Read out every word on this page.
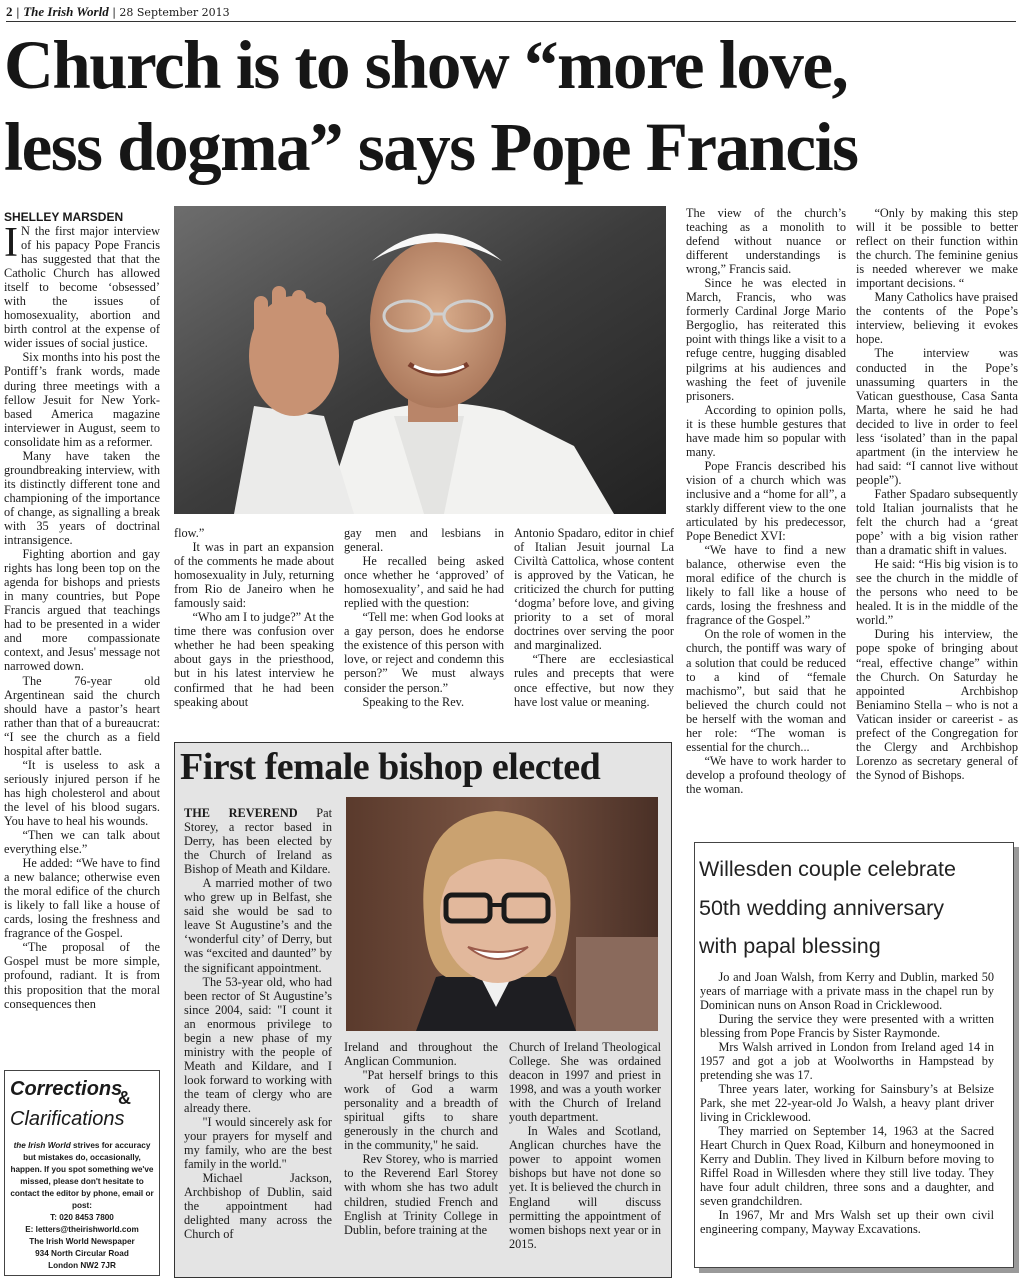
2 | The Irish World | 28 September 2013
Church is to show “more love,
less dogma” says Pope Francis
SHELLEY MARSDEN

I N the first major interview of his papacy Pope Francis has suggested that that the Catholic Church has allowed itself to become ‘obsessed’ with the issues of homosexuality, abortion and birth control at the expense of wider issues of social justice.

Six months into his post the Pontiff’s frank words, made during three meetings with a fellow Jesuit for New York-based America magazine interviewer in August, seem to consolidate him as a reformer.

Many have taken the groundbreaking interview, with its distinctly different tone and championing of the importance of change, as signalling a break with 35 years of doctrinal intransigence.

Fighting abortion and gay rights has long been top on the agenda for bishops and priests in many countries, but Pope Francis argued that teachings had to be presented in a wider and more compassionate context, and Jesus' message not narrowed down.

The 76-year old Argentinean said the church should have a pastor’s heart rather than that of a bureaucrat: “I see the church as a field hospital after battle.

“It is useless to ask a seriously injured person if he has high cholesterol and about the level of his blood sugars. You have to heal his wounds.

“Then we can talk about everything else.”

He added: “We have to find a new balance; otherwise even the moral edifice of the church is likely to fall like a house of cards, losing the freshness and fragrance of the Gospel.

“The proposal of the Gospel must be more simple, profound, radiant. It is from this proposition that the moral consequences then

flow.”

It was in part an expansion of the comments he made about homosexuality in July, returning from Rio de Janeiro when he famously said:

“Who am I to judge?” At the time there was confusion over whether he had been speaking about gays in the priesthood, but in his latest interview he confirmed that he had been speaking about

gay men and lesbians in general.

He recalled being asked once whether he ‘approved’ of homosexuality’, and said he had replied with the question:

“Tell me: when God looks at a gay person, does he endorse the existence of this person with love, or reject and condemn this person?” We must always consider the person.”

Speaking to the Rev.

Antonio Spadaro, editor in chief of Italian Jesuit journal La Civiltà Cattolica, whose content is approved by the Vatican, he criticized the church for putting ‘dogma’ before love, and giving priority to a set of moral doctrines over serving the poor and marginalized.

“There are ecclesiastical rules and precepts that were once effective, but now they have lost value or meaning.

The view of the church’s teaching as a monolith to defend without nuance or different understandings is wrong,” Francis said.

Since he was elected in March, Francis, who was formerly Cardinal Jorge Mario Bergoglio, has reiterated this point with things like a visit to a refuge centre, hugging disabled pilgrims at his audiences and washing the feet of juvenile prisoners.

According to opinion polls, it is these humble gestures that have made him so popular with many.

Pope Francis described his vision of a church which was inclusive and a “home for all”, a starkly different view to the one articulated by his predecessor, Pope Benedict XVI:

“We have to find a new balance, otherwise even the moral edifice of the church is likely to fall like a house of cards, losing the freshness and fragrance of the Gospel.”

On the role of women in the church, the pontiff was wary of a solution that could be reduced to a kind of “female machismo”, but said that he believed the church could not be herself with the woman and her role: “The woman is essential for the church...

“We have to work harder to develop a profound theology of the woman.

“Only by making this step will it be possible to better reflect on their function within the church. The feminine genius is needed wherever we make important decisions. “

Many Catholics have praised the contents of the Pope’s interview, believing it evokes hope.

The interview was conducted in the Pope’s unassuming quarters in the Vatican guesthouse, Casa Santa Marta, where he said he had decided to live in order to feel less ‘isolated’ than in the papal apartment (in the interview he had said: “I cannot live without people”).

Father Spadaro subsequently told Italian journalists that he felt the church had a ‘great pope’ with a big vision rather than a dramatic shift in values.

He said: “His big vision is to see the church in the middle of the persons who need to be healed. It is in the middle of the world.”

During his interview, the pope spoke of bringing about “real, effective change” within the Church. On Saturday he appointed Archbishop Beniamino Stella – who is not a Vatican insider or careerist - as prefect of the Congregation for the Clergy and Archbishop Lorenzo as secretary general of the Synod of Bishops.

First female bishop elected

THE REVEREND Pat Storey, a rector based in Derry, has been elected by the Church of Ireland as Bishop of Meath and Kildare.

A married mother of two who grew up in Belfast, she said she would be sad to leave St Augustine’s and the ‘wonderful city’ of Derry, but was “excited and daunted” by the significant appointment.

The 53-year old, who had been rector of St Augustine’s since 2004, said: "I count it an enormous privilege to begin a new phase of my ministry with the people of Meath and Kildare, and I look forward to working with the team of clergy who are already there.

"I would sincerely ask for your prayers for myself and my family, who are the best family in the world."

Michael Jackson, Archbishop of Dublin, said the appointment had delighted many across the Church of

Ireland and throughout the Anglican Communion.

"Pat herself brings to this work of God a warm personality and a breadth of spiritual gifts to share generously in the church and in the community," he said.

Rev Storey, who is married to the Reverend Earl Storey with whom she has two adult children, studied French and English at Trinity College in Dublin, before training at the

Church of Ireland Theological College. She was ordained deacon in 1997 and priest in 1998, and was a youth worker with the Church of Ireland youth department.

In Wales and Scotland, Anglican churches have the power to appoint women bishops but have not done so yet. It is believed the church in England will discuss permitting the appointment of women bishops next year or in 2015.

Willesden couple celebrate
50th wedding anniversary
with papal blessing

Jo and Joan Walsh, from Kerry and Dublin, marked 50 years of marriage with a private mass in the chapel run by Dominican nuns on Anson Road in Cricklewood.

During the service they were presented with a written blessing from Pope Francis by Sister Raymonde.

Mrs Walsh arrived in London from Ireland aged 14 in 1957 and got a job at Woolworths in Hampstead by pretending she was 17.

Three years later, working for Sainsbury’s at Belsize Park, she met 22-year-old Jo Walsh, a heavy plant driver living in Cricklewood.

They married on September 14, 1963 at the Sacred Heart Church in Quex Road, Kilburn and honeymooned in Kerry and Dublin. They lived in Kilburn before moving to Riffel Road in Willesden where they still live today. They have four adult children, three sons and a daughter, and seven grandchildren.

In 1967, Mr and Mrs Walsh set up their own civil engineering company, Mayway Excavations.

Corrections
&
Clarifications
the Irish World strives for accuracy but mistakes do, occasionally, happen. If you spot something we've missed, please don't hesitate to contact the editor by phone, email or post:
T: 020 8453 7800
E: letters@theirishworld.com
The Irish World Newspaper
934 North Circular Road
London NW2 7JR
